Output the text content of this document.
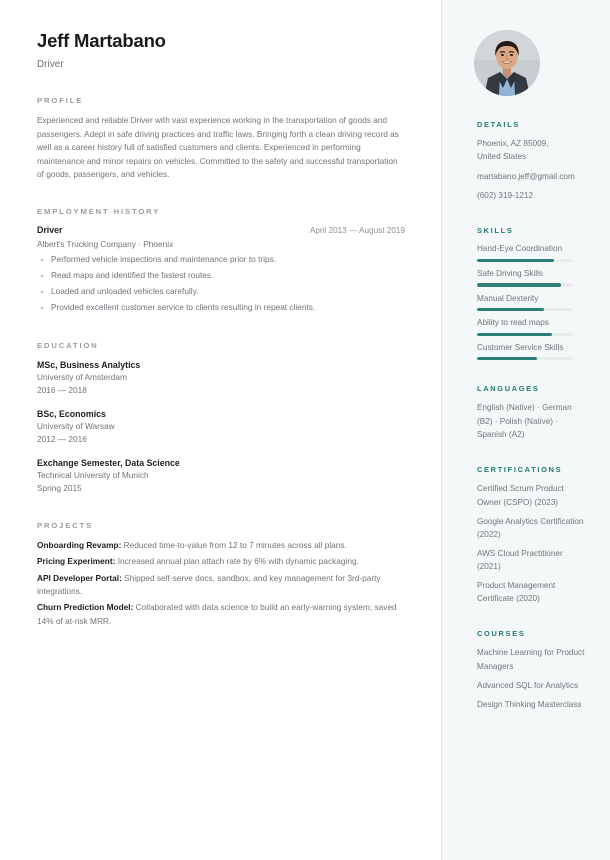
Jeff Martabano
Driver
PROFILE
Experienced and reliable Driver with vast experience working in the transportation of goods and passengers. Adept in safe driving practices and traffic laws. Bringing forth a clean driving record as well as a career history full of satisfied customers and clients. Experienced in performing maintenance and minor repairs on vehicles. Committed to the safety and successful transportation of goods, passengers, and vehicles.
EMPLOYMENT HISTORY
Driver	April 2013 — August 2019
Albert's Trucking Company · Phoenix
Performed vehicle inspections and maintenance prior to trips.
Read maps and identified the fastest routes.
Loaded and unloaded vehicles carefully.
Provided excellent customer service to clients resulting in repeat clients.
EDUCATION
MSc, Business Analytics
University of Amsterdam
2016 — 2018
BSc, Economics
University of Warsaw
2012 — 2016
Exchange Semester, Data Science
Technical University of Munich
Spring 2015
PROJECTS
Onboarding Revamp: Reduced time-to-value from 12 to 7 minutes across all plans.
Pricing Experiment: Increased annual plan attach rate by 6% with dynamic packaging.
API Developer Portal: Shipped self-serve docs, sandbox, and key management for 3rd-party integrations.
Churn Prediction Model: Collaborated with data science to build an early-warning system; saved 14% of at-risk MRR.
DETAILS
Phoenix, AZ 85009,
United States
martabano.jeff@gmail.com
(602) 319-1212
SKILLS
Hand-Eye Coordination
Safe Driving Skills
Manual Dexterity
Ability to read maps
Customer Service Skills
LANGUAGES
English (Native) · German (B2) · Polish (Native) · Spanish (A2)
CERTIFICATIONS
Certified Scrum Product Owner (CSPO) (2023)
Google Analytics Certification (2022)
AWS Cloud Practitioner (2021)
Product Management Certificate (2020)
COURSES
Machine Learning for Product Managers
Advanced SQL for Analytics
Design Thinking Masterclass
